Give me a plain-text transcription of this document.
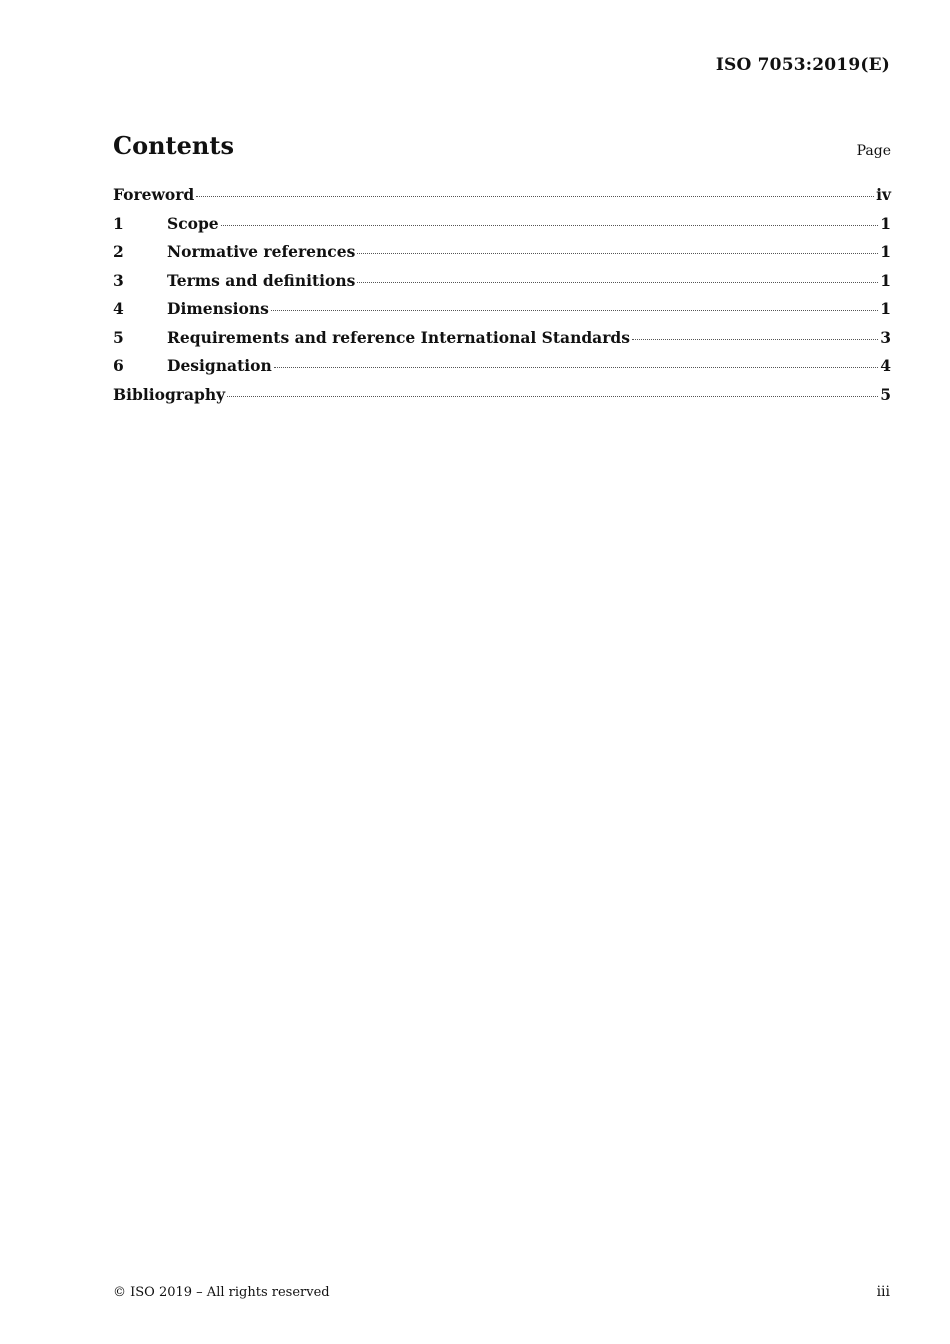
ISO 7053:2019(E)
Contents	Page
Foreword	iv
1	Scope	1
2	Normative references	1
3	Terms and definitions	1
4	Dimensions	1
5	Requirements and reference International Standards	3
6	Designation	4
Bibliography	5
© ISO 2019 – All rights reserved	iii
